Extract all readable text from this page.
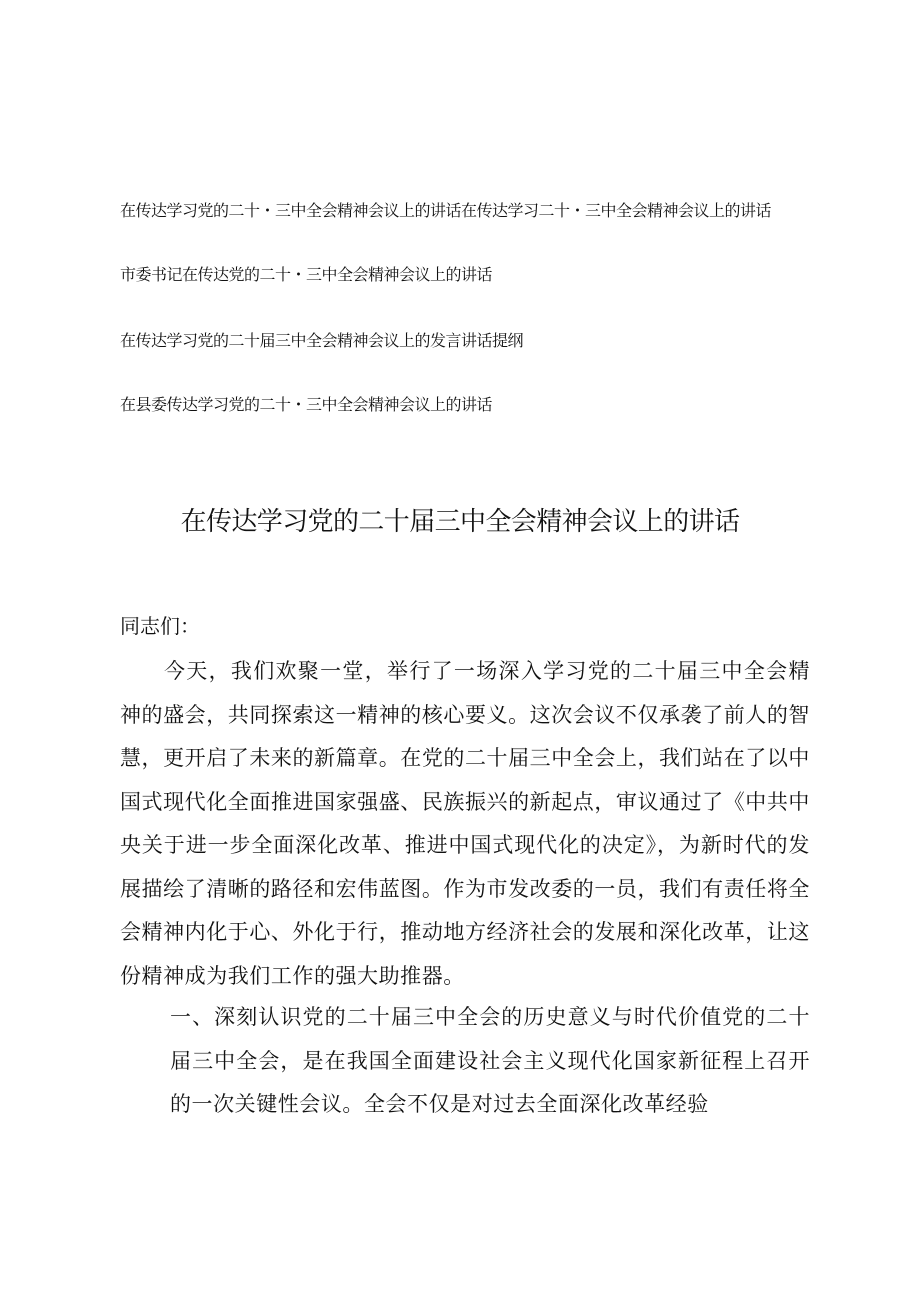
在传达学习党的二十・三中全会精神会议上的讲话在传达学习二十・三中全会精神会议上的讲话
市委书记在传达党的二十・三中全会精神会议上的讲话
在传达学习党的二十届三中全会精神会议上的发言讲话提纲
在县委传达学习党的二十・三中全会精神会议上的讲话
在传达学习党的二十届三中全会精神会议上的讲话
同志们：

今天，我们欢聚一堂，举行了一场深入学习党的二十届三中全会精神的盛会，共同探索这一精神的核心要义。这次会议不仅承袭了前人的智慧，更开启了未来的新篇章。在党的二十届三中全会上，我们站在了以中国式现代化全面推进国家强盛、民族振兴的新起点，审议通过了《中共中央关于进一步全面深化改革、推进中国式现代化的决定》，为新时代的发展描绘了清晰的路径和宏伟蓝图。作为市发改委的一员，我们有责任将全会精神内化于心、外化于行，推动地方经济社会的发展和深化改革，让这份精神成为我们工作的强大助推器。

一、深刻认识党的二十届三中全会的历史意义与时代价值党的二十届三中全会，是在我国全面建设社会主义现代化国家新征程上召开的一次关键性会议。全会不仅是对过去全面深化改革经验
